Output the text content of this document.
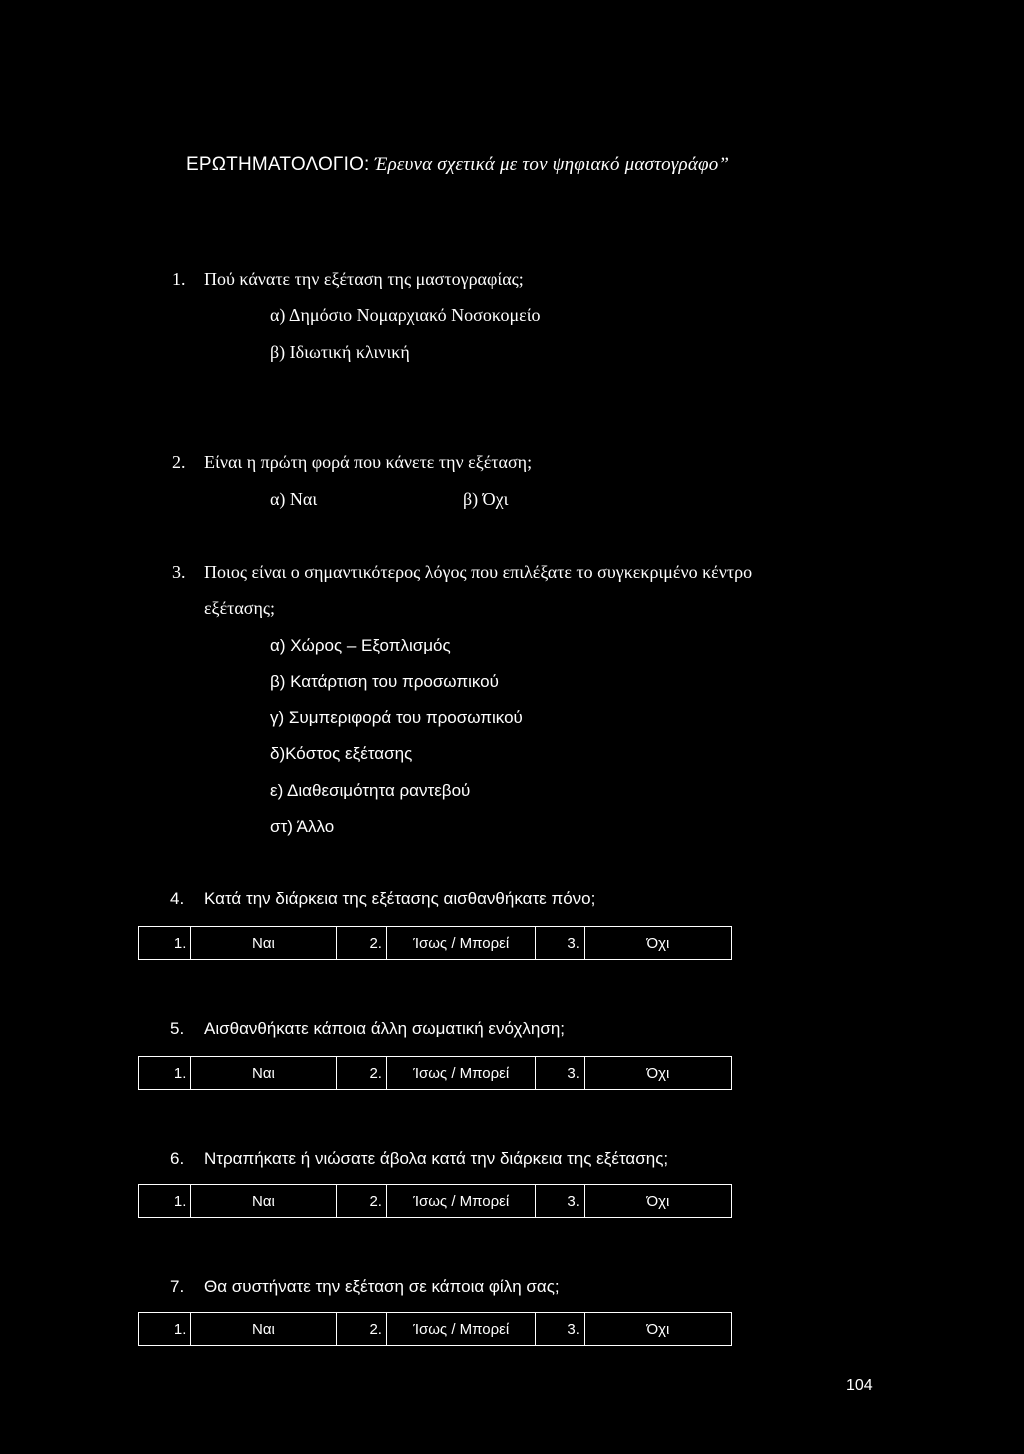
ΕΡΩΤΗΜΑΤΟΛΟΓΙΟ: Έρευνα σχετικά με τον ψηφιακό μαστογράφο”
1. Πού κάνατε την εξέταση της μαστογραφίας;
α) Δημόσιο Νομαρχιακό Νοσοκομείο
β) Ιδιωτική κλινική
2. Είναι η πρώτη φορά που κάνετε την εξέταση;
α) Ναι	β) Όχι
3. Ποιος είναι ο σημαντικότερος λόγος που επιλέξατε το συγκεκριμένο κέντρο
εξέτασης;
α) Χώρος – Εξοπλισμός
β) Κατάρτιση του προσωπικού
γ) Συμπεριφορά του προσωπικού
δ)Κόστος εξέτασης
ε) Διαθεσιμότητα ραντεβού
στ) Άλλο
4. Κατά την διάρκεια της εξέτασης αισθανθήκατε πόνο;
1.	Ναι	2.	Ίσως / Μπορεί	3.	Όχι
5. Αισθανθήκατε κάποια άλλη σωματική ενόχληση;
1.	Ναι	2.	Ίσως / Μπορεί	3.	Όχι
6. Ντραπήκατε ή νιώσατε άβολα κατά την διάρκεια της εξέτασης;
1.	Ναι	2.	Ίσως / Μπορεί	3.	Όχι
7. Θα συστήνατε την εξέταση σε κάποια φίλη σας;
1.	Ναι	2.	Ίσως / Μπορεί	3.	Όχι
104
